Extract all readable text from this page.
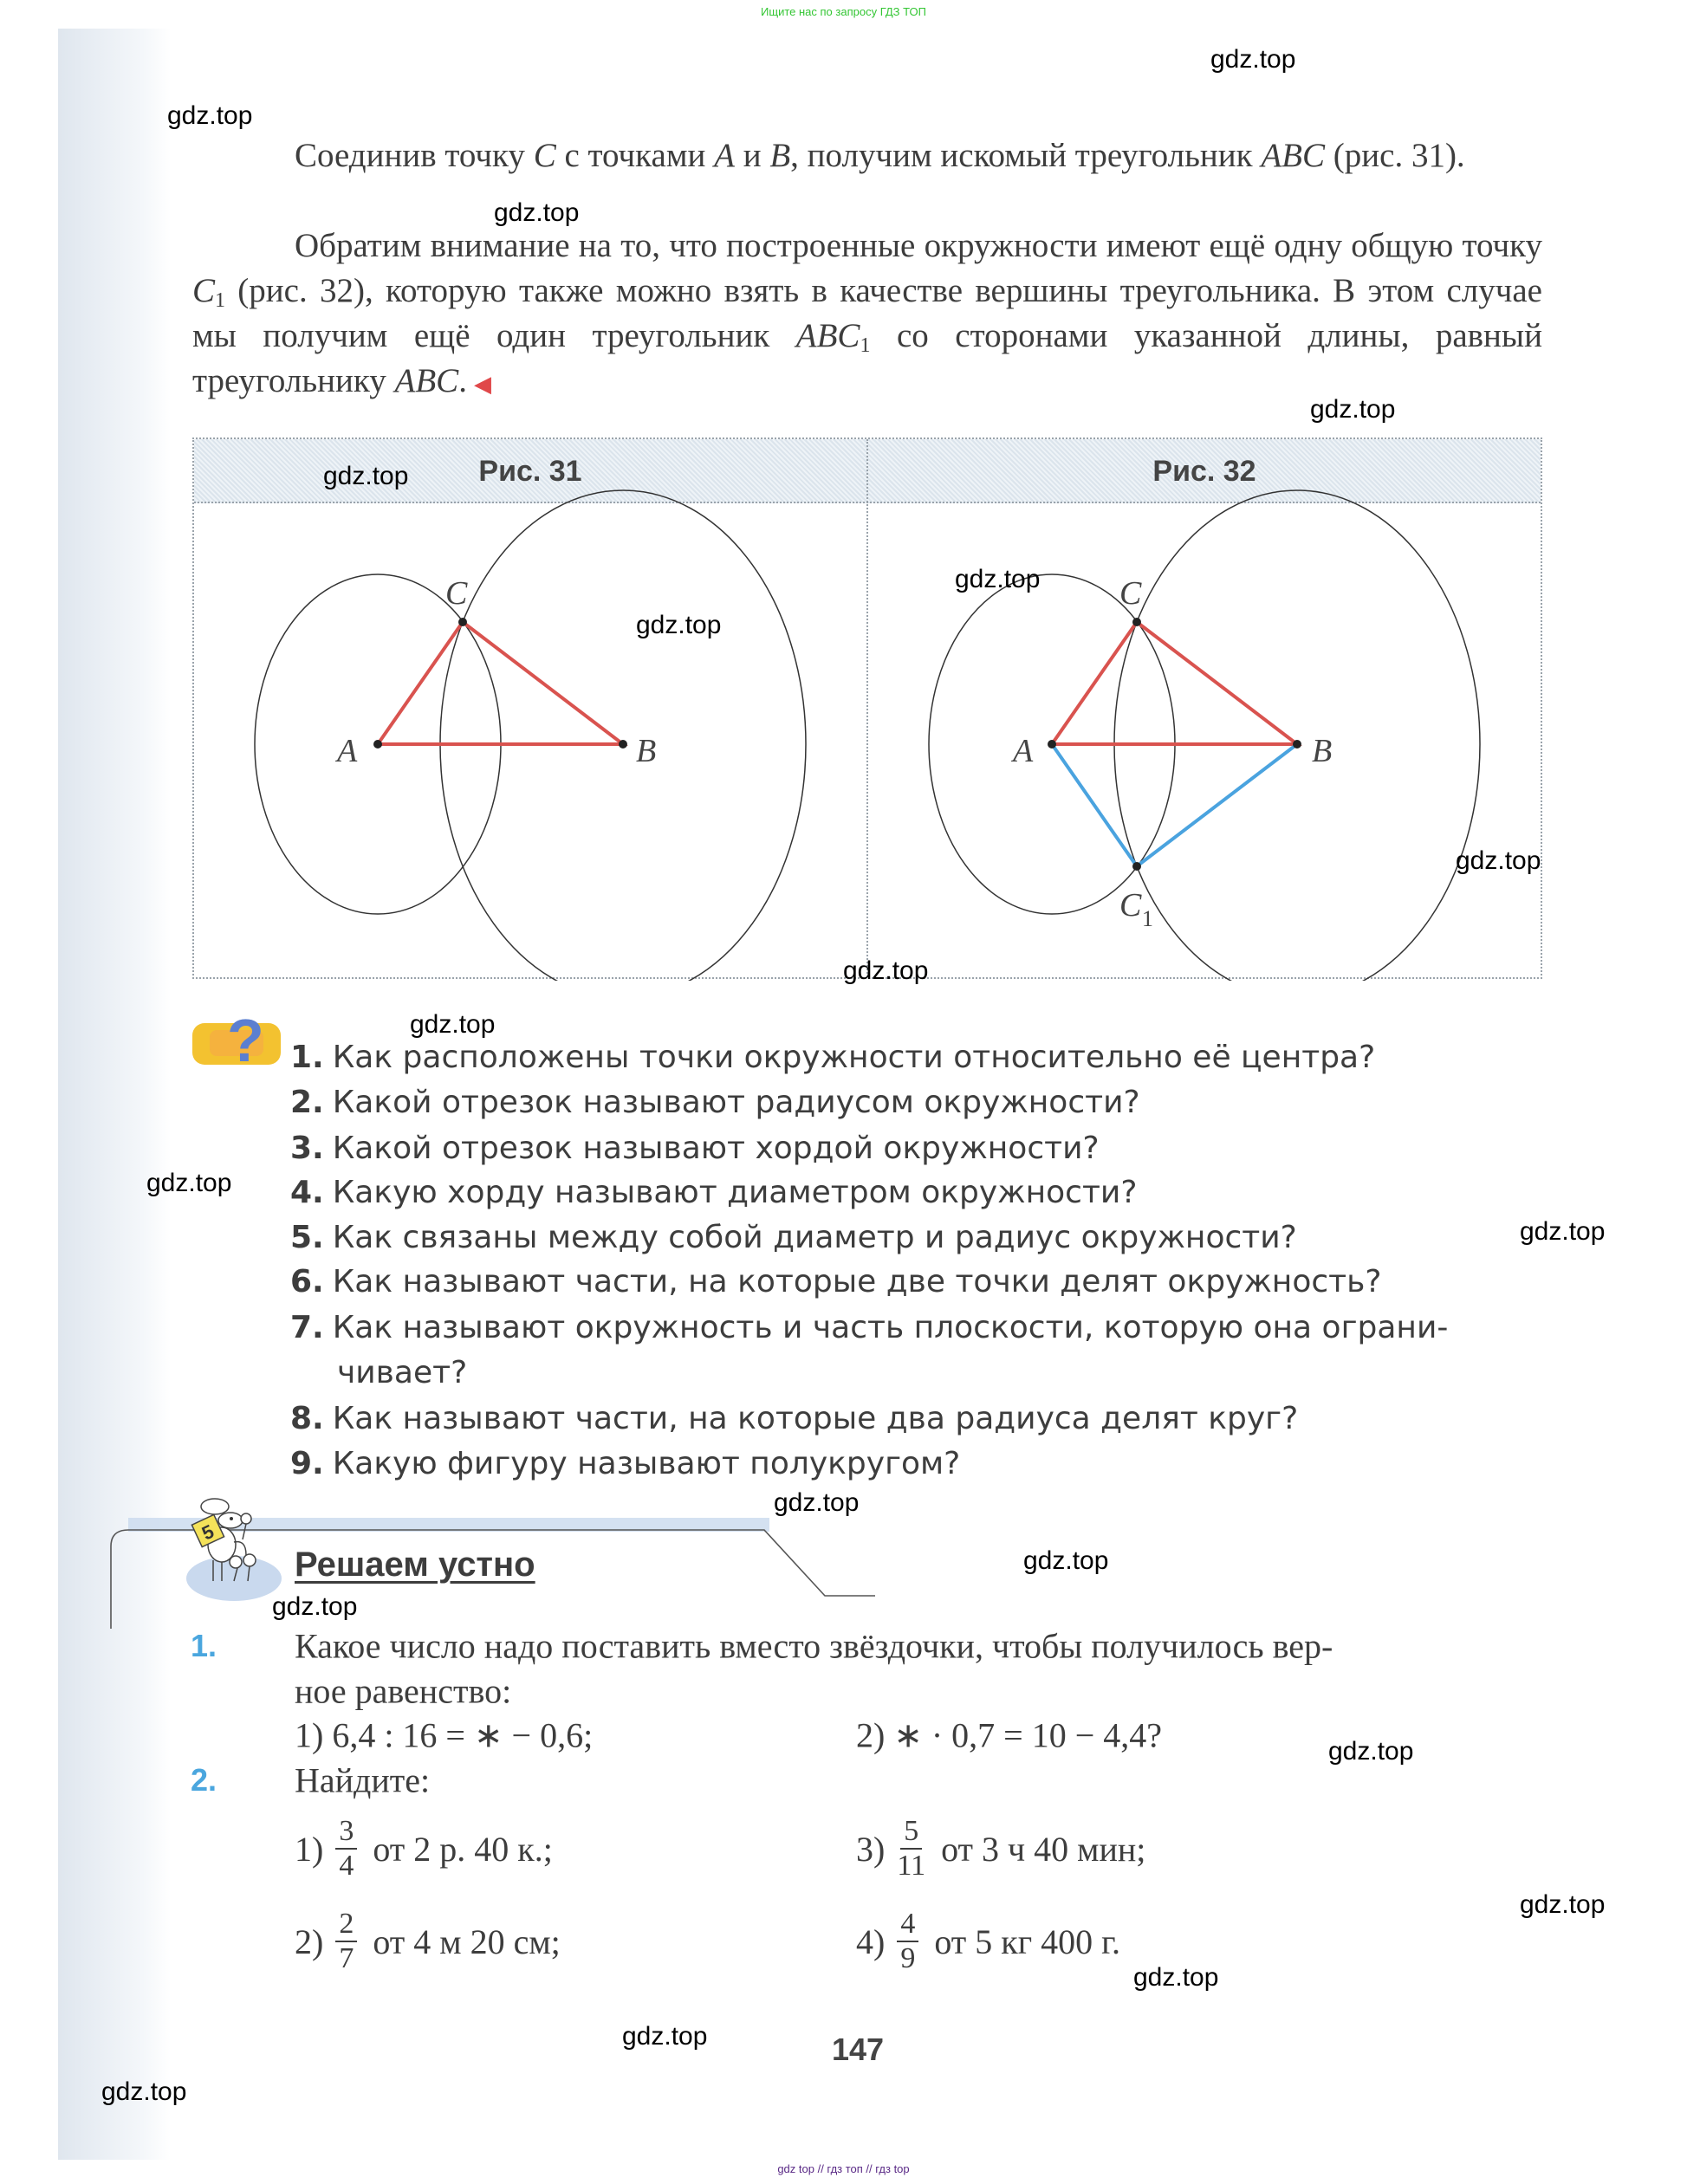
Ищите нас по запросу ГДЗ ТОП

Соединив точку C с точками A и B, получим искомый треугольник ABC (рис. 31).

Обратим внимание на то, что построенные окружности имеют ещё одну общую точку $C_1$ (рис. 32), которую также можно взять в качестве вершины треугольника. В этом случае мы получим ещё один треугольник $ABC_1$ со сторонами указанной длины, равный треугольнику ABC. ◀

Рис. 31	Рис. 32
A	B
C
A	B
C
C 1
? 1. Как расположены точки окружности относительно её центра?
2. Какой отрезок называют радиусом окружности?
3. Какой отрезок называют хордой окружности?
4. Какую хорду называют диаметром окружности?
5. Как связаны между собой диаметр и радиус окружности?
6. Как называют части, на которые две точки делят окружность?
7. Как называют окружность и часть плоскости, которую она ограни-
чивает?
8. Как называют части, на которые два радиуса делят круг?
9. Какую фигуру называют полукругом?
5
Решаем устно
1. Какое число надо поставить вместо звёздочки, чтобы получилось вер-
ное равенство:
1) 6,4 : 16 = ∗ − 0,6;	2) ∗ · 0,7 = 10 − 4,4?
2. Найдите:
$1) \frac{3}{4}$ от 2 р. 40 к.;	$3) \frac{5}{11}$ от 3 ч 40 мин;
$2) \frac{2}{7}$ от 4 м 20 см;	$4) \frac{4}{9}$ от 5 кг 400 г.
147
gdz top // гдз топ // гдз top
gdz.top
gdz.top
gdz.top
gdz.top
gdz.top
gdz.top
gdz.top
gdz.top
gdz.top
gdz.top
gdz.top
gdz.top
gdz.top
gdz.top
gdz.top
gdz.top
gdz.top
gdz.top
gdz.top
gdz.top
